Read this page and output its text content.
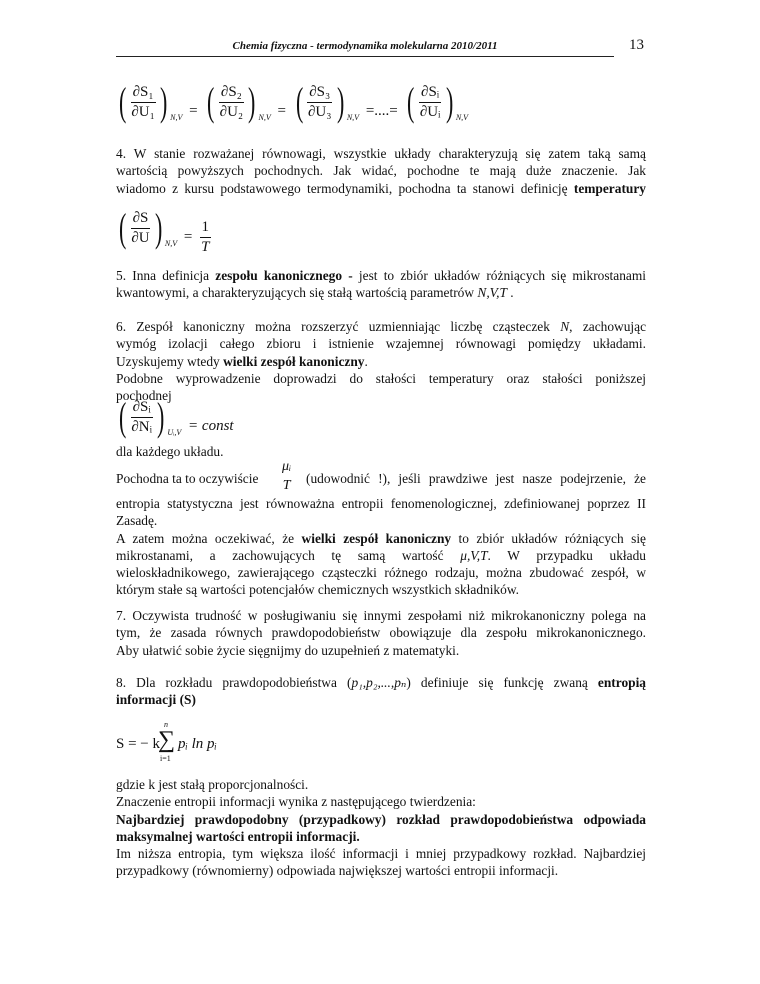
Chemia fizyczna - termodynamika molekularna 2010/2011	13
( $\frac{\text{∂S₁}}{\text{∂U₁}}$ ) $_{N,V}$ = ( $\frac{\text{∂S₂}}{\text{∂U₂}}$ ) $_{N,V}$ = ( $\frac{\text{∂S₃}}{\text{∂U₃}}$ ) $_{N,V}$ =....= ( $\frac{\text{∂Sᵢ}}{\text{∂Uᵢ}}$ ) $_{N,V}$
4. W stanie rozważanej równowagi, wszystkie układy charakteryzują się zatem taką samą
wartością powyższych pochodnych. Jak widać, pochodne te mają duże znaczenie. Jak
wiadomo z kursu podstawowego termodynamiki, pochodna ta stanowi definicję temperatury
( $\frac{\partial S}{\partial U}$ ) $_{N,V} = \frac{1}{T}$
5. Inna definicja zespołu kanonicznego - jest to zbiór układów różniących się mikrostanami
kwantowymi, a charakteryzujących się stałą wartością parametrów N,V,T .
6. Zespół kanoniczny można rozszerzyć uzmienniając liczbę cząsteczek N, zachowując
wymóg izolacji całego zbioru i istnienie wzajemnej równowagi pomiędzy układami.
Uzyskujemy wtedy wielki zespół kanoniczny.
Podobne wyprowadzenie doprowadzi do stałości temperatury oraz stałości poniższej
pochodnej
( $\frac{\text{∂Sᵢ}}{\text{∂Nᵢ}}$ ) $_{Uᵢ,V}$ = const
dla każdego układu.
Pochodna ta to oczywiście
μᵢ
T (udowodnić !), jeśli prawdziwe jest nasze podejrzenie, że
entropia statystyczna jest równoważna entropii fenomenologicznej, zdefiniowanej poprzez II
Zasadę.
A zatem można oczekiwać, że wielki zespół kanoniczny to zbiór układów różniących się
mikrostanami, a zachowujących tę samą wartość μ,V,T. W przypadku układu
wieloskładnikowego, zawierającego cząsteczki różnego rodzaju, można zbudować zespół, w
którym stałe są wartości potencjałów chemicznych wszystkich składników.
7. Oczywista trudność w posługiwaniu się innymi zespołami niż mikrokanoniczny polega na
tym, że zasada równych prawdopodobieństw obowiązuje dla zespołu mikrokanonicznego.
Aby ułatwić sobie życie sięgnijmy do uzupełnień z matematyki.
8. Dla rozkładu prawdopodobieństwa (p₁,p₂,...,pₙ) definiuje się funkcję zwaną entropią
informacji (S)
S = − k
n
∑
i=1
pᵢ ln pᵢ
gdzie k jest stałą proporcjonalności.
Znaczenie entropii informacji wynika z następującego twierdzenia:
Najbardziej prawdopodobny (przypadkowy) rozkład prawdopodobieństwa odpowiada
maksymalnej wartości entropii informacji.
Im niższa entropia, tym większa ilość informacji i mniej przypadkowy rozkład. Najbardziej
przypadkowy (równomierny) odpowiada największej wartości entropii informacji.
